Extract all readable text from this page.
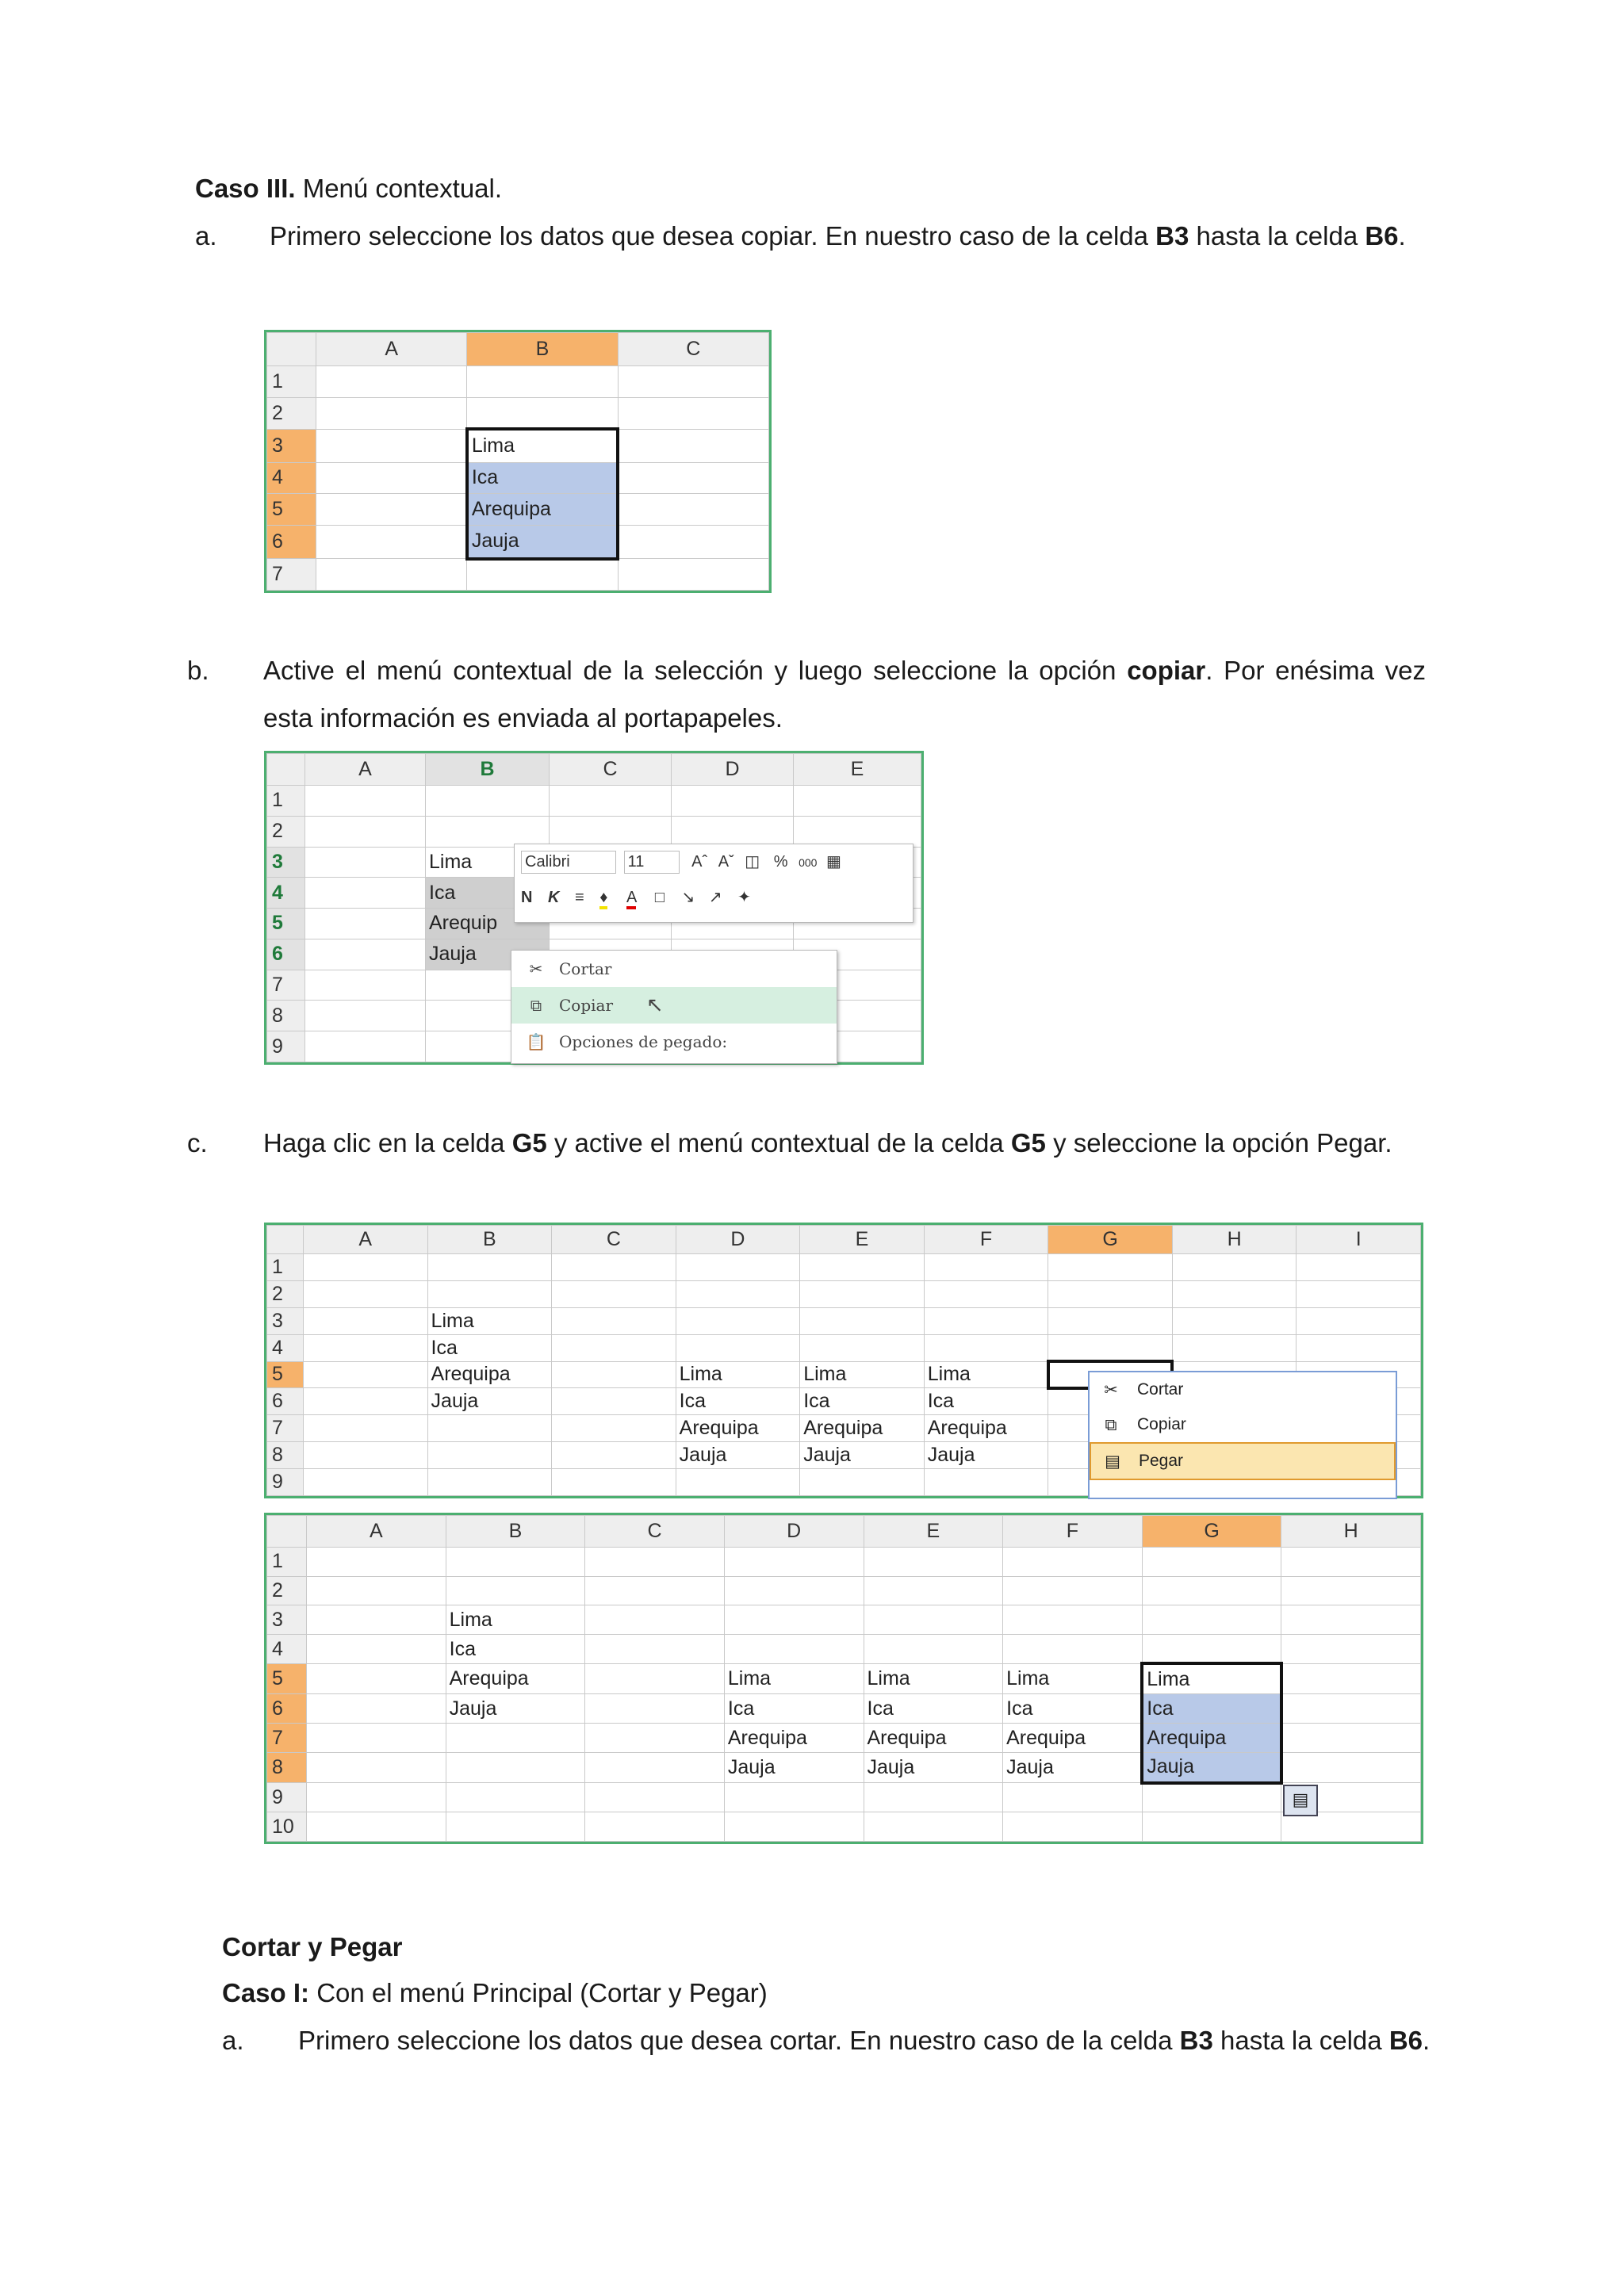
Caso III. Menú contextual.
a. Primero seleccione los datos que desea copiar. En nuestro caso de la celda B3 hasta la celda B6.
	A	B	C
1			
2			
3		Lima	
4		Ica	
5		Arequipa	
6		Jauja	
7			
b. Active el menú contextual de la selección y luego seleccione la opción copiar. Por enésima vez esta información es enviada al portapapeles.
	A	B	C	D	E
1					
2					
3		Lima			
4		Ica			
5		Arequip			
6		Jauja			
7					
8					
9					
Calibri	11	Aˆ Aˇ ◫ % 000 ▦
N K ≡ ♦ A □ ↘ ↗ ✦
✂	Cortar
⧉	Copiar ↖
📋 Opciones de pegado:
c. Haga clic en la celda G5 y active el menú contextual de la celda G5 y seleccione la opción Pegar.
	A	B	C	D	E	F	G	H	I
1									
2									
3		Lima							
4		Ica							
5		Arequipa		Lima	Lima	Lima			
6		Jauja		Ica	Ica	Ica			
7				Arequipa	Arequipa	Arequipa			
8				Jauja	Jauja	Jauja			
9									
✂ Cortar
⧉	Copiar
▤ Pegar
	A	B	C	D	E	F	G	H
1								
2								
3		Lima						
4		Ica						
5		Arequipa		Lima	Lima	Lima	Lima	
6		Jauja		Ica	Ica	Ica	Ica	
7				Arequipa	Arequipa	Arequipa	Arequipa	
8				Jauja	Jauja	Jauja	Jauja	
9								
10								
▤
Cortar y Pegar
Caso I: Con el menú Principal (Cortar y Pegar)
a. Primero seleccione los datos que desea cortar. En nuestro caso de la celda B3 hasta la celda B6.
